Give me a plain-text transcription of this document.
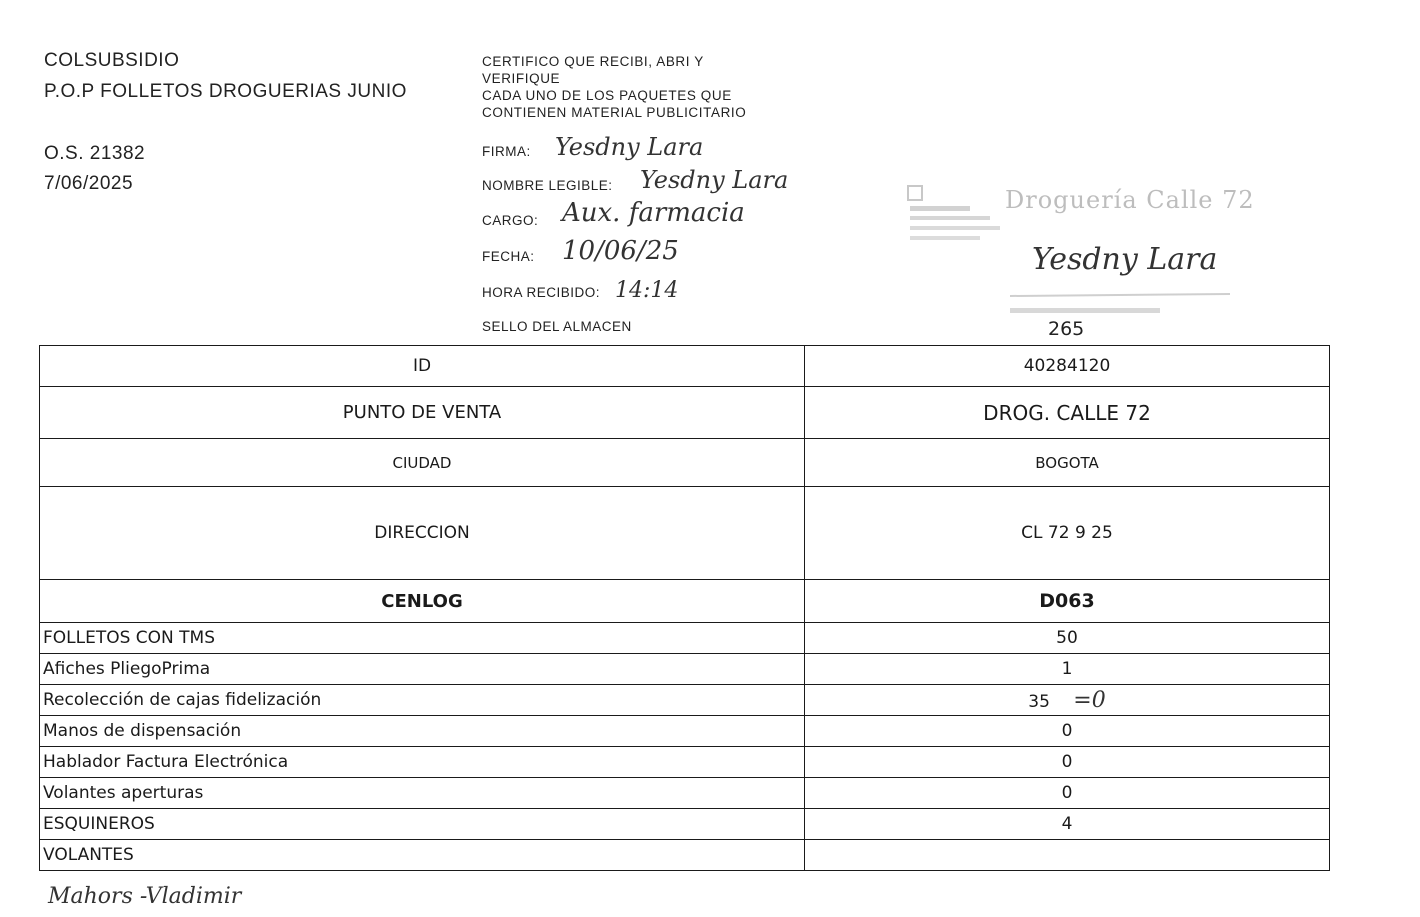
COLSUBSIDIO
P.O.P FOLLETOS DROGUERIAS JUNIO
O.S. 21382
7/06/2025
CERTIFICO QUE RECIBI, ABRI Y
VERIFIQUE
CADA UNO DE LOS PAQUETES QUE
CONTIENEN MATERIAL PUBLICITARIO
FIRMA: Yesdny Lara
NOMBRE LEGIBLE: Yesdny Lara
CARGO: Aux. farmacia
FECHA: 10/06/25
HORA RECIBIDO: 14:14
SELLO DEL ALMACEN
Droguería Calle 72
Yesdny Lara
265
ID	40284120
PUNTO DE VENTA	DROG. CALLE 72
CIUDAD	BOGOTA
DIRECCION	CL 72 9 25
CENLOG	D063
FOLLETOS CON TMS	50
Afiches PliegoPrima	1
Recolección de cajas fidelización	35 =0
Manos de dispensación	0
Hablador Factura Electrónica	0
Volantes aperturas	0
ESQUINEROS	4
VOLANTES	
Mahors -Vladimir
